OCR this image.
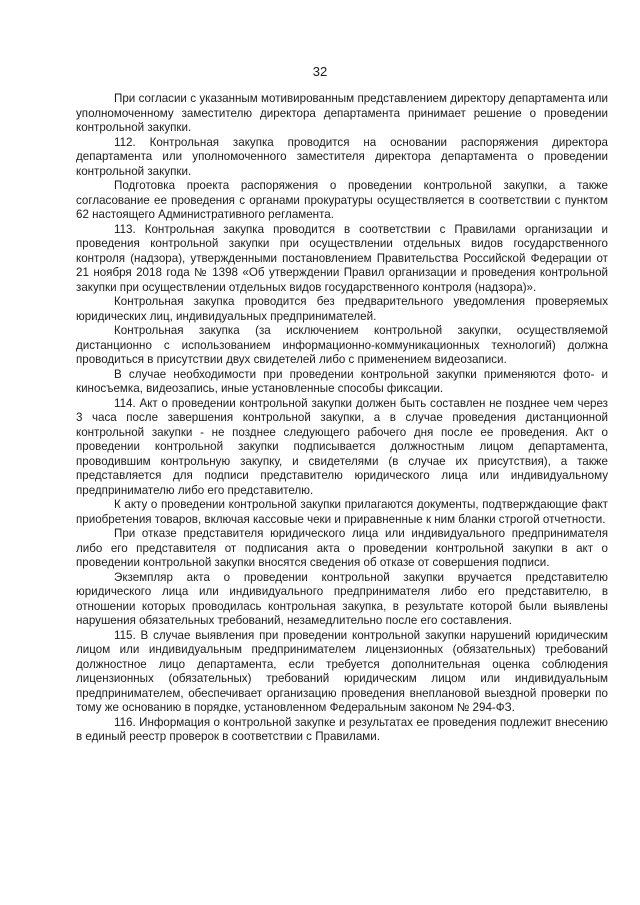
32

При согласии с указанным мотивированным представлением директору департамента или уполномоченному заместителю директора департамента принимает решение о проведении контрольной закупки.

112. Контрольная закупка проводится на основании распоряжения директора департамента или уполномоченного заместителя директора департамента о проведении контрольной закупки.

Подготовка проекта распоряжения о проведении контрольной закупки, а также согласование ее проведения с органами прокуратуры осуществляется в соответствии с пунктом 62 настоящего Административного регламента.

113. Контрольная закупка проводится в соответствии с Правилами организации и проведения контрольной закупки при осуществлении отдельных видов государственного контроля (надзора), утвержденными постановлением Правительства Российской Федерации от 21 ноября 2018 года № 1398 «Об утверждении Правил организации и проведения контрольной закупки при осуществлении отдельных видов государственного контроля (надзора)».

Контрольная закупка проводится без предварительного уведомления проверяемых юридических лиц, индивидуальных предпринимателей.

Контрольная закупка (за исключением контрольной закупки, осуществляемой дистанционно с использованием информационно-коммуникационных технологий) должна проводиться в присутствии двух свидетелей либо с применением видеозаписи.

В случае необходимости при проведении контрольной закупки применяются фото- и киносъемка, видеозапись, иные установленные способы фиксации.

114. Акт о проведении контрольной закупки должен быть составлен не позднее чем через 3 часа после завершения контрольной закупки, а в случае проведения дистанционной контрольной закупки - не позднее следующего рабочего дня после ее проведения. Акт о проведении контрольной закупки подписывается должностным лицом департамента, проводившим контрольную закупку, и свидетелями (в случае их присутствия), а также представляется для подписи представителю юридического лица или индивидуальному предпринимателю либо его представителю.

К акту о проведении контрольной закупки прилагаются документы, подтверждающие факт приобретения товаров, включая кассовые чеки и приравненные к ним бланки строгой отчетности.

При отказе представителя юридического лица или индивидуального предпринимателя либо его представителя от подписания акта о проведении контрольной закупки в акт о проведении контрольной закупки вносятся сведения об отказе от совершения подписи.

Экземпляр акта о проведении контрольной закупки вручается представителю юридического лица или индивидуального предпринимателя либо его представителю, в отношении которых проводилась контрольная закупка, в результате которой были выявлены нарушения обязательных требований, незамедлительно после его составления.

115. В случае выявления при проведении контрольной закупки нарушений юридическим лицом или индивидуальным предпринимателем лицензионных (обязательных) требований должностное лицо департамента, если требуется дополнительная оценка соблюдения лицензионных (обязательных) требований юридическим лицом или индивидуальным предпринимателем, обеспечивает организацию проведения внеплановой выездной проверки по тому же основанию в порядке, установленном Федеральным законом № 294-ФЗ.

116. Информация о контрольной закупке и результатах ее проведения подлежит внесению в единый реестр проверок в соответствии с Правилами.
